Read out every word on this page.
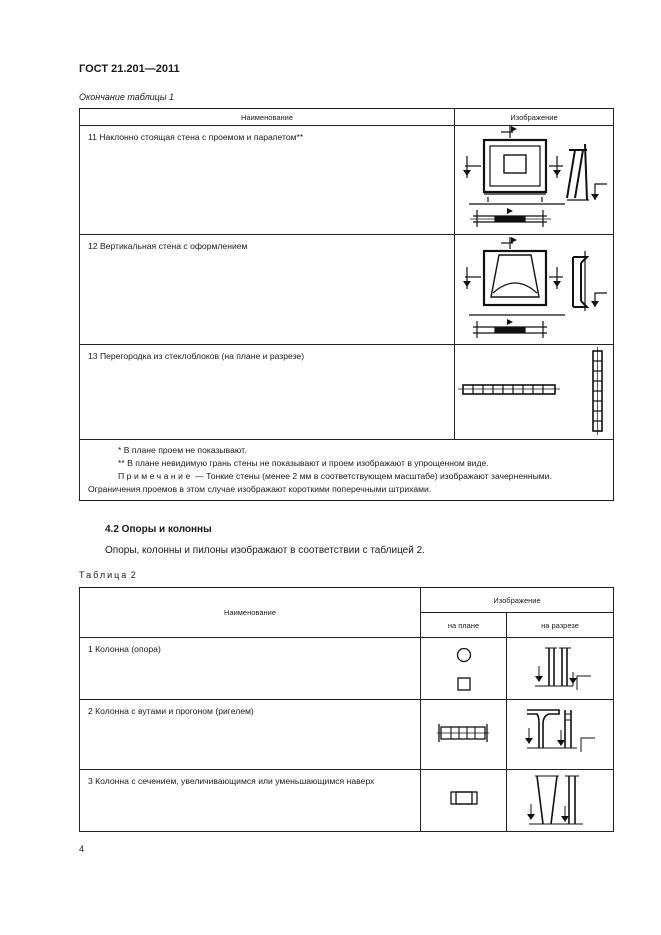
ГОСТ 21.201—2011
Окончание таблицы 1
Наименование	Изображение
11 Наклонно стоящая стена с проемом и парапетом**	

12 Вертикальная стена с оформлением	

13 Перегородка из стеклоблоков (на плане и разрезе)	

* В плане проем не показывают.
** В плане невидимую грань стены не показывают и проем изображают в упрощенном виде.
Примечание — Тонкие стены (менее 2 мм в соответствующем масштабе) изображают зачерненными.
Ограничения проемов в этом случае изображают короткими поперечными штрихами.	
4.2 Опоры и колонны
Опоры, колонны и пилоны изображают в соответствии с таблицей 2.
Таблица 2
Наименование	Изображение	
	на плане	на разрезе
1 Колонна (опора)	

2 Колонна с вутами и прогоном (ригелем)	

3 Колонна с сечением, увеличивающимся или уменьшающимся наверх	

4
